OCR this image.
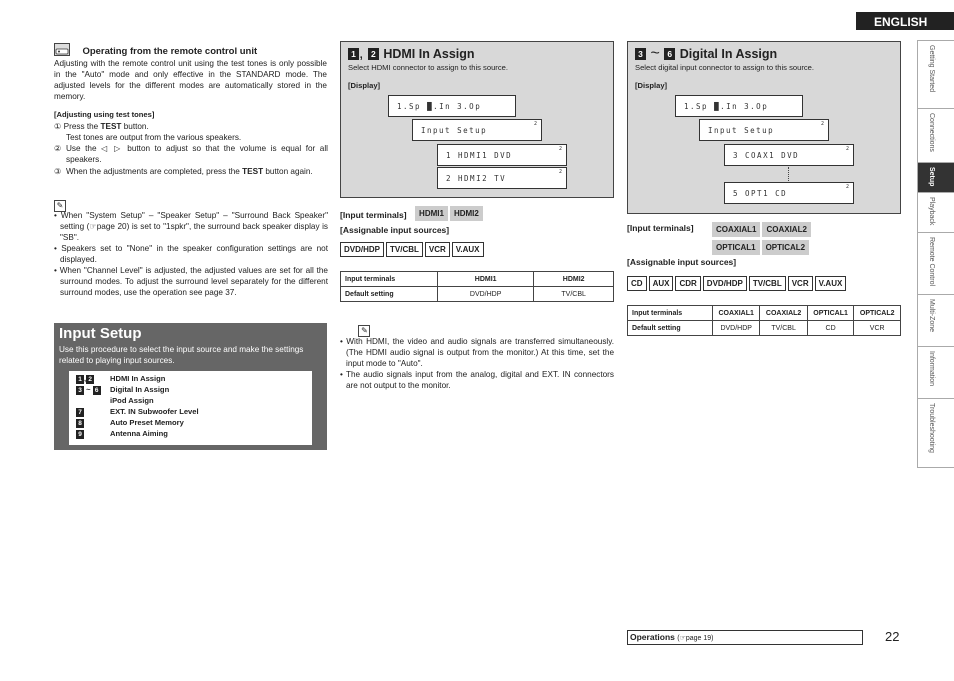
ENGLISH
Getting Started
Connections
Setup
Playback
Remote Control
Multi-Zone
Information
Troubleshooting
Operating from the remote control unit
Adjusting with the remote control unit using the test tones is only possible in the "Auto" mode and only effective in the STANDARD mode. The adjusted levels for the different modes are automatically stored in the memory.
[Adjusting using test tones]
① Press the TEST button.
Test tones are output from the various speakers.
② Use the ◁ ▷ button to adjust so that the volume is equal for all speakers.
③ When the adjustments are completed, press the TEST button again.
✎
• When "System Setup" – "Speaker Setup" – "Surround Back Speaker" setting (☞page 20) is set to "1spkr", the surround back speaker display is "SB".
• Speakers set to "None" in the speaker configuration settings are not displayed.
• When "Channel Level" is adjusted, the adjusted values are set for all the surround modes. To adjust the surround level separately for the different surround modes, use the operation see page 37.
Input Setup
Use this procedure to select the input source and make the settings related to playing input sources.
1 , 2 HDMI In Assign
3 ~ 6 Digital In Assign
iPod Assign
7	EXT. IN Subwoofer Level
8	Auto Preset Memory
9	Antenna Aiming
1 , 2 HDMI In Assign
Select HDMI connector to assign to this source.
[Display]
1.Sp █.In 3.Op
Input Setup
2
1 HDMI1 DVD
2
2 HDMI2 TV
2
[Input terminals] HDMI1 HDMI2
[Assignable input sources]
DVD/HDP TV/CBL VCR V.AUX
Input terminals	HDMI1	HDMI2
Default setting	DVD/HDP	TV/CBL
✎
• With HDMI, the video and audio signals are transferred simultaneously. (The HDMI audio signal is output from the monitor.) At this time, set the input mode to "Auto".
• The audio signals input from the analog, digital and EXT. IN connectors are not output to the monitor.
3 ~ 6 Digital In Assign
Select digital input connector to assign to this source.
[Display]
1.Sp █.In 3.Op
Input Setup
2
3 COAX1 DVD
2
5 OPT1 CD
2
[Input terminals]	COAXIAL1 COAXIAL2
OPTICAL1 OPTICAL2
[Assignable input sources]
CD AUX CDR DVD/HDP TV/CBL VCR V.AUX
Input terminals	COAXIAL1	COAXIAL2	OPTICAL1	OPTICAL2
Default setting	DVD/HDP	TV/CBL	CD	VCR
Operations (☞page 19)	22
